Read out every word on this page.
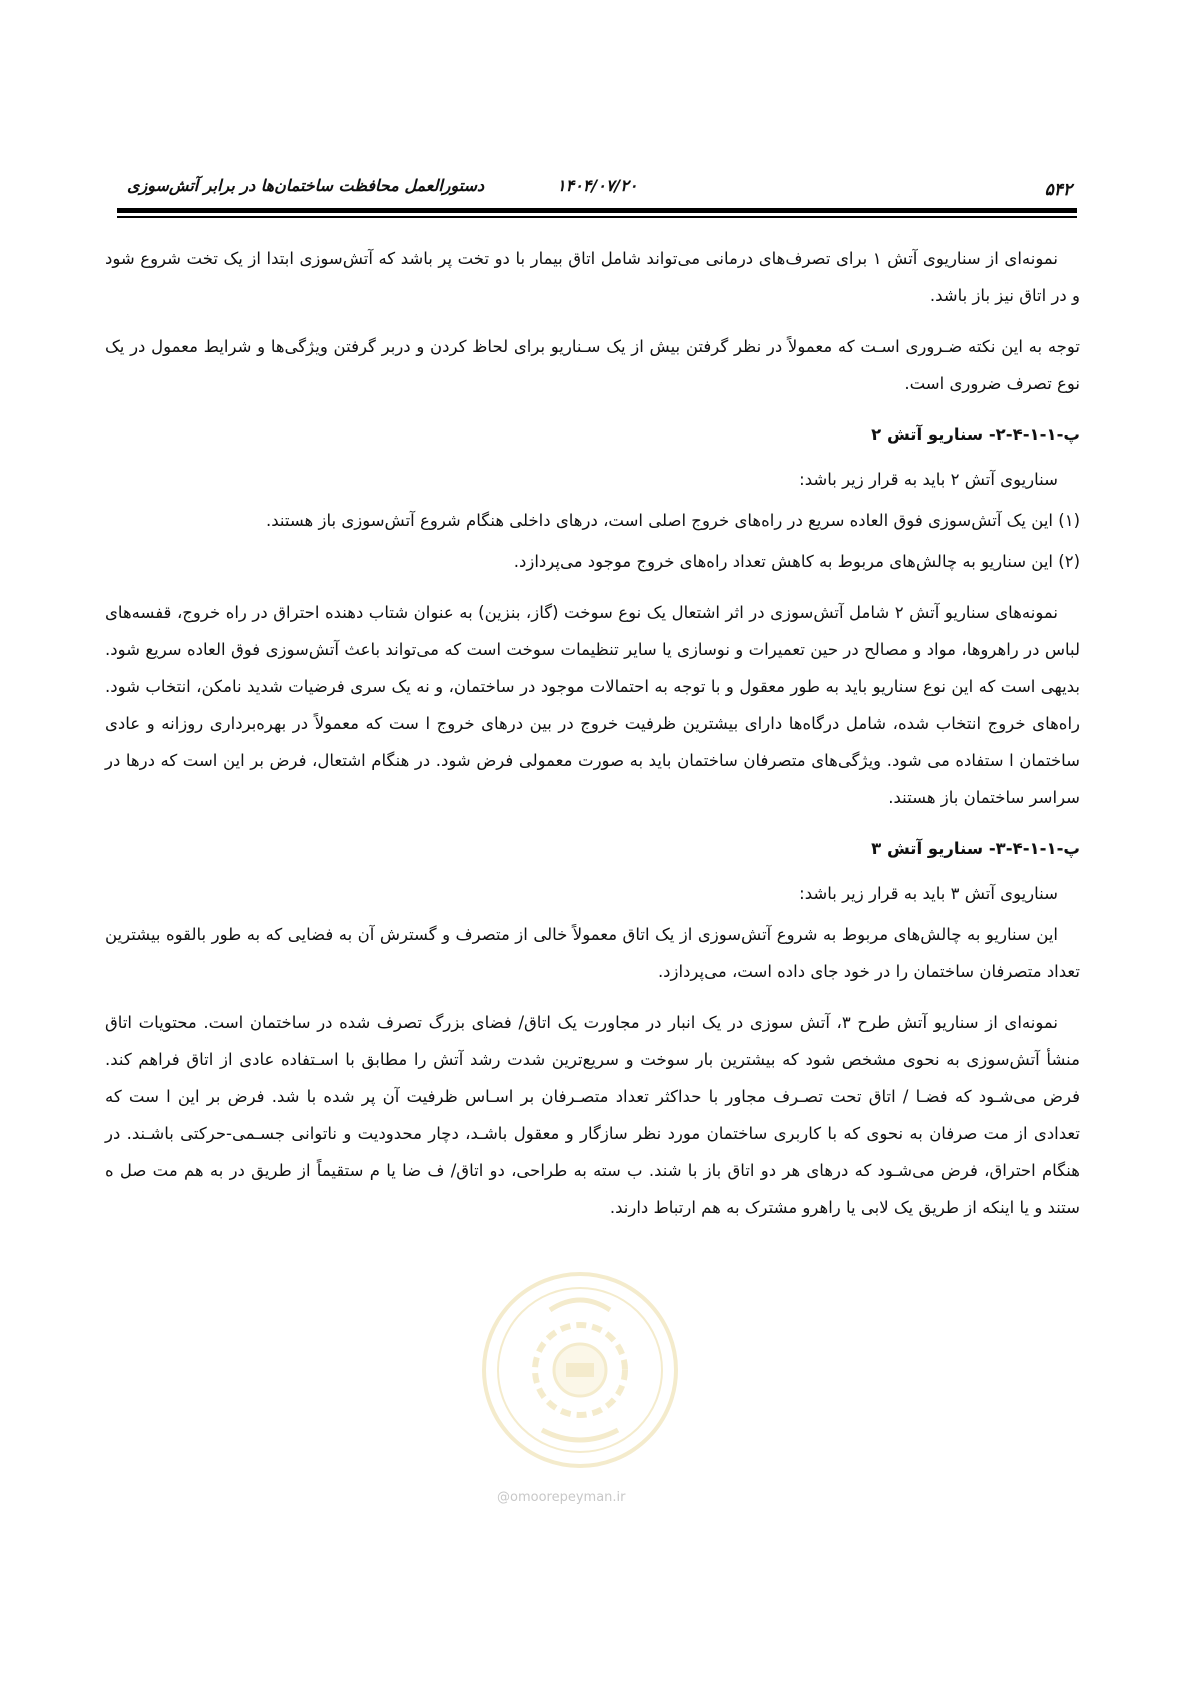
۵۴۲
۱۴۰۴/۰۷/۲۰
دستورالعمل محافظت ساختمان‌ها در برابر آتش‌سوزی

نمونه‌ای از سناریوی آتش ۱ برای تصرف‌های درمانی می‌تواند شامل اتاق بیمار با دو تخت پر باشد که آتش‌سوزی ابتدا از یک تخت شروع شود و در اتاق نیز باز باشد.

توجه به این نکته ضـروری اسـت که معمولاً در نظر گرفتن بیش از یک سـناریو برای لحاظ کردن و دربر گرفتن ویژگی‌ها و شرایط معمول در یک نوع تصرف ضروری است.

پ-۱-۱-۴-۲- سناریو آتش ۲

سناریوی آتش ۲ باید به قرار زیر باشد:

(۱) این یک آتش‌سوزی فوق العاده سریع در راه‌های خروج اصلی است، درهای داخلی هنگام شروع آتش‌سوزی باز هستند.

(۲) این سناریو به چالش‌های مربوط به کاهش تعداد راه‌های خروج موجود می‌پردازد.

نمونه‌های سناریو آتش ۲ شامل آتش‌سوزی در اثر اشتعال یک نوع سوخت (گاز، بنزین) به عنوان شتاب دهنده احتراق در راه خروج، قفسه‌های لباس در راهروها، مواد و مصالح در حین تعمیرات و نوسازی یا سایر تنظیمات سوخت است که می‌تواند باعث آتش‌سوزی فوق العاده سریع شود. بدیهی است که این نوع سناریو باید به طور معقول و با توجه به احتمالات موجود در ساختمان، و نه یک سری فرضیات شدید نامکن، انتخاب شود. راه‌های خروج انتخاب شده، شامل درگاه‌ها دارای بیشترین ظرفیت خروج در بین درهای خروج ا ست که معمولاً در بهره‌برداری روزانه و عادی ساختمان ا ستفاده می شود. ویژگی‌های متصرفان ساختمان باید به صورت معمولی فرض شود. در هنگام اشتعال، فرض بر این است که درها در سراسر ساختمان باز هستند.

پ-۱-۱-۴-۳- سناریو آتش ۳

سناریوی آتش ۳ باید به قرار زیر باشد:

این سناریو به چالش‌های مربوط به شروع آتش‌سوزی از یک اتاق معمولاً خالی از متصرف و گسترش آن به فضایی که به طور بالقوه بیشترین تعداد متصرفان ساختمان را در خود جای داده است، می‌پردازد.

نمونه‌ای از سناریو آتش طرح ۳، آتش سوزی در یک انبار در مجاورت یک اتاق/ فضای بزرگ تصرف شده در ساختمان است. محتویات اتاق منشأ آتش‌سوزی به نحوی مشخص شود که بیشترین بار سوخت و سریع‌ترین شدت رشد آتش را مطابق با اسـتفاده عادی از اتاق فراهم کند. فرض می‌شـود که فضـا / اتاق تحت تصـرف مجاور با حداکثر تعداد متصـرفان بر اسـاس ظرفیت آن پر شده با شد. فرض بر این ا ست که تعدادی از مت صرفان به نحوی که با کاربری ساختمان مورد نظر سازگار و معقول باشـد، دچار محدودیت و ناتوانی جسـمی-حرکتی باشـند. در هنگام احتراق، فرض می‌شـود که درهای هر دو اتاق باز با شند. ب سته به طراحی، دو اتاق/ ف ضا یا م ستقیماً از طریق در به هم مت صل ه ستند و یا اینکه از طریق یک لابی یا راهرو مشترک به هم ارتباط دارند.

@omoorepeyman.ir
